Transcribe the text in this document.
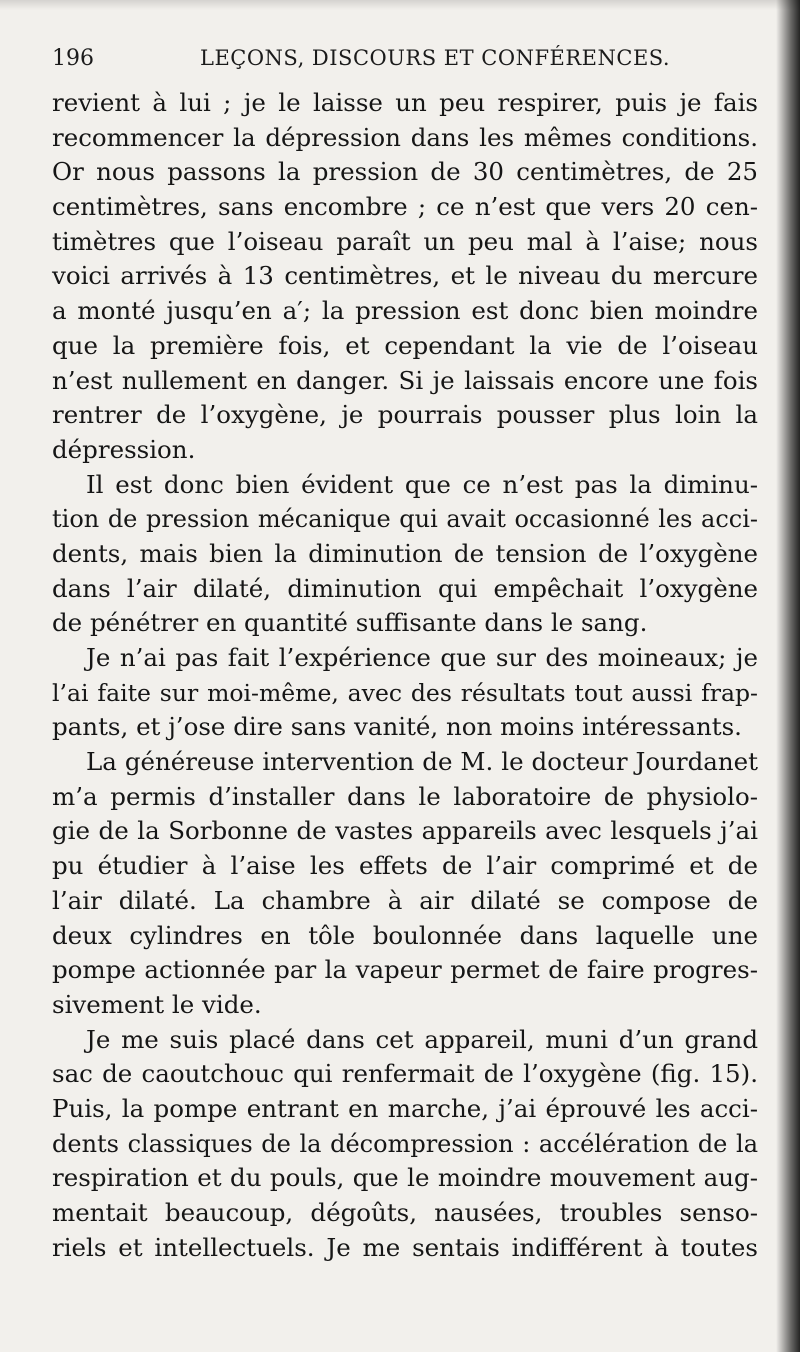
196	LEÇONS, DISCOURS ET CONFÉRENCES.
revient à lui ; je le laisse un peu respirer, puis je fais
recommencer la dépression dans les mêmes conditions.
Or nous passons la pression de 30 centimètres, de 25
centimètres, sans encombre ; ce n’est que vers 20 cen-
timètres que l’oiseau paraît un peu mal à l’aise; nous
voici arrivés à 13 centimètres, et le niveau du mercure
a monté jusqu’en a′; la pression est donc bien moindre
que la première fois, et cependant la vie de l’oiseau
n’est nullement en danger. Si je laissais encore une fois
rentrer de l’oxygène, je pourrais pousser plus loin la
dépression.
Il est donc bien évident que ce n’est pas la diminu-
tion de pression mécanique qui avait occasionné les acci-
dents, mais bien la diminution de tension de l’oxygène
dans l’air dilaté, diminution qui empêchait l’oxygène
de pénétrer en quantité suffisante dans le sang.
Je n’ai pas fait l’expérience que sur des moineaux; je
l’ai faite sur moi-même, avec des résultats tout aussi frap-
pants, et j’ose dire sans vanité, non moins intéressants.
La généreuse intervention de M. le docteur Jourdanet
m’a permis d’installer dans le laboratoire de physiolo-
gie de la Sorbonne de vastes appareils avec lesquels j’ai
pu étudier à l’aise les effets de l’air comprimé et de
l’air dilaté. La chambre à air dilaté se compose de
deux cylindres en tôle boulonnée dans laquelle une
pompe actionnée par la vapeur permet de faire progres-
sivement le vide.
Je me suis placé dans cet appareil, muni d’un grand
sac de caoutchouc qui renfermait de l’oxygène (fig. 15).
Puis, la pompe entrant en marche, j’ai éprouvé les acci-
dents classiques de la décompression : accélération de la
respiration et du pouls, que le moindre mouvement aug-
mentait beaucoup, dégoûts, nausées, troubles senso-
riels et intellectuels. Je me sentais indifférent à toutes
